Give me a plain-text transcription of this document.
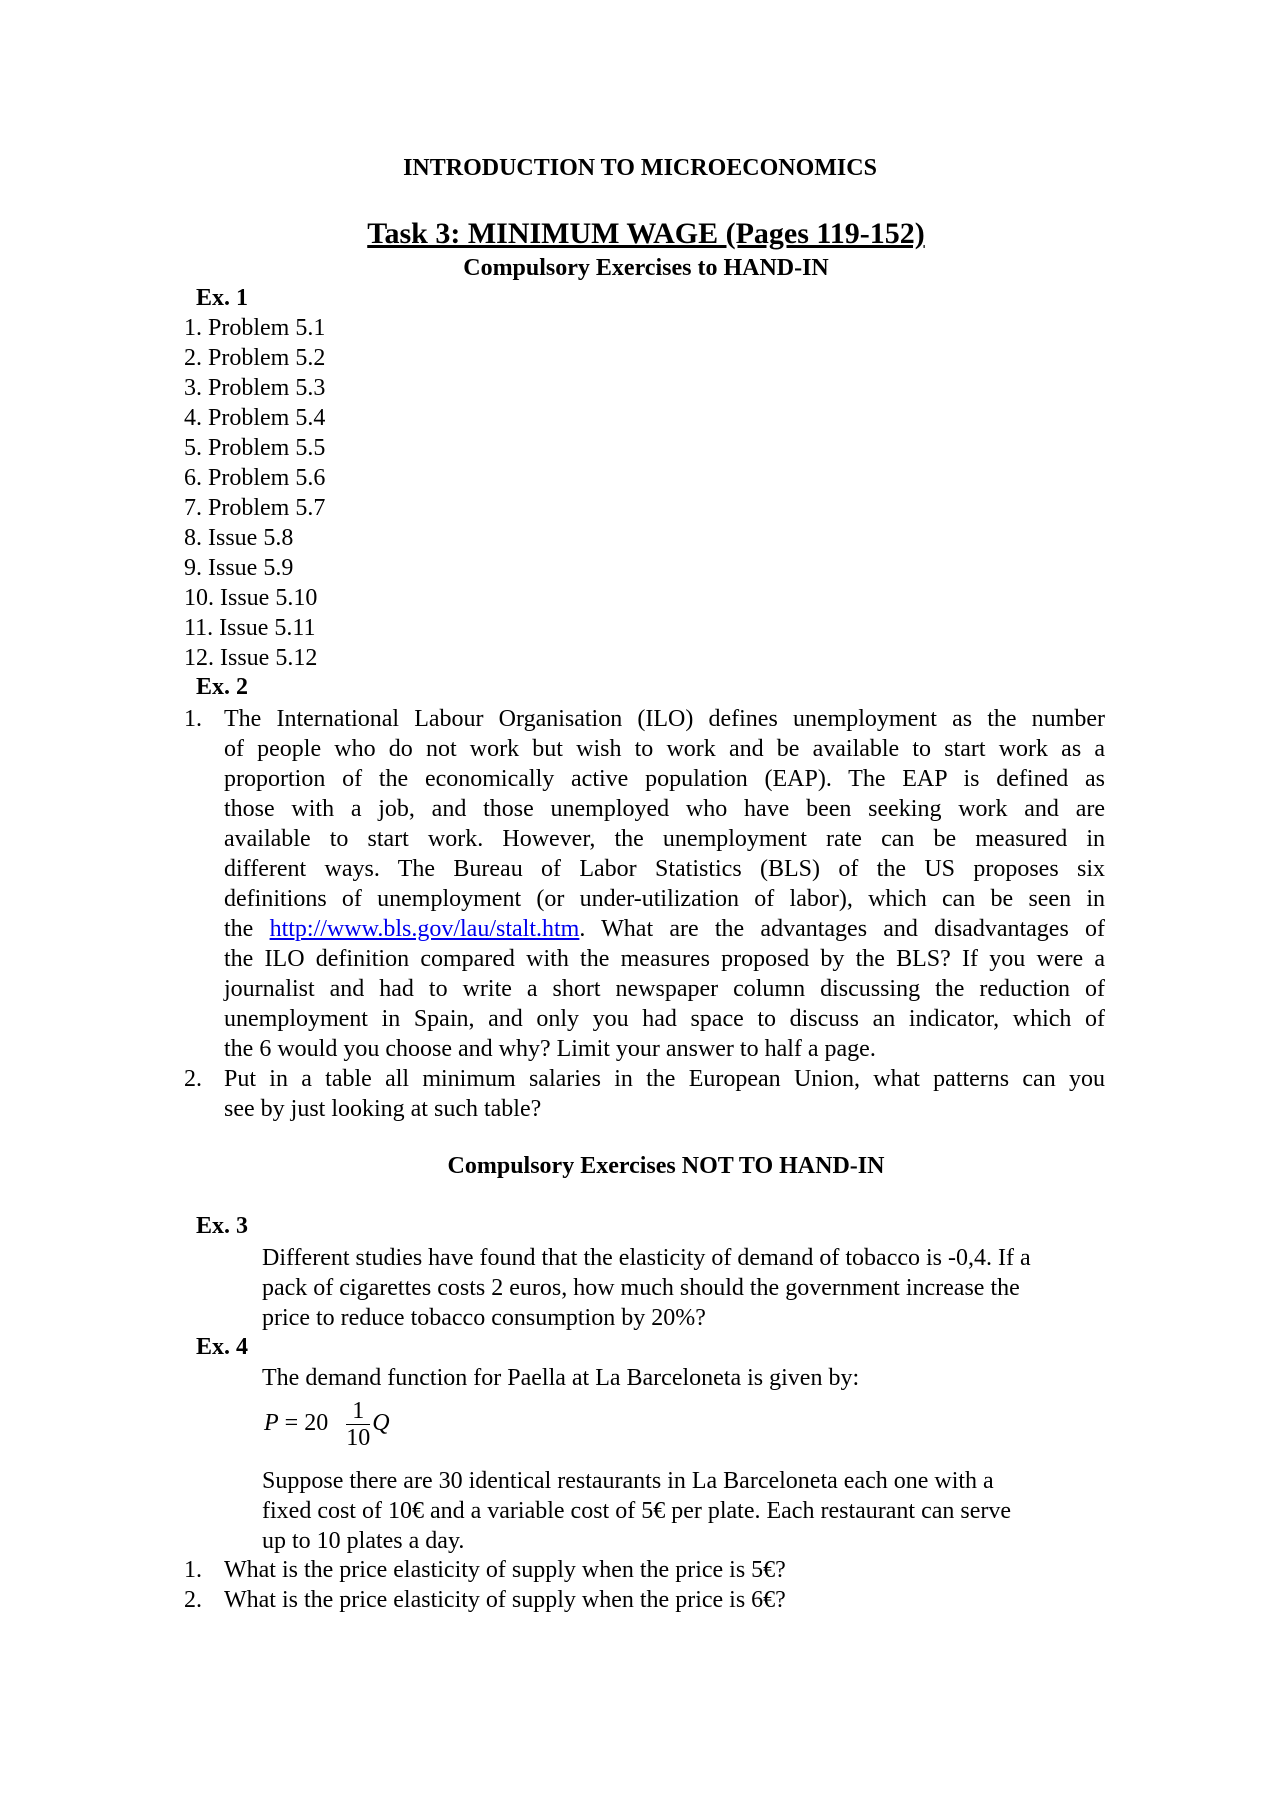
INTRODUCTION TO MICROECONOMICS
Task 3: MINIMUM WAGE (Pages 119-152)
Compulsory Exercises to HAND-IN
Ex. 1
1. Problem 5.1
2. Problem 5.2
3. Problem 5.3
4. Problem 5.4
5. Problem 5.5
6. Problem 5.6
7. Problem 5.7
8. Issue 5.8
9. Issue 5.9
10. Issue 5.10
11. Issue 5.11
12. Issue 5.12
Ex. 2
1. The International Labour Organisation (ILO) defines unemployment as the number
of people who do not work but wish to work and be available to start work as a
proportion of the economically active population (EAP). The EAP is defined as
those with a job, and those unemployed who have been seeking work and are
available to start work. However, the unemployment rate can be measured in
different ways. The Bureau of Labor Statistics (BLS) of the US proposes six
definitions of unemployment (or under-utilization of labor), which can be seen in
the http://www.bls.gov/lau/stalt.htm. What are the advantages and disadvantages of
the ILO definition compared with the measures proposed by the BLS? If you were a
journalist and had to write a short newspaper column discussing the reduction of
unemployment in Spain, and only you had space to discuss an indicator, which of
the 6 would you choose and why? Limit your answer to half a page.
2. Put in a table all minimum salaries in the European Union, what patterns can you
see by just looking at such table?
Compulsory Exercises NOT TO HAND-IN
Ex. 3
Different studies have found that the elasticity of demand of tobacco is -0,4. If a
pack of cigarettes costs 2 euros, how much should the government increase the
price to reduce tobacco consumption by 20%?
Ex. 4
The demand function for Paella at La Barceloneta is given by:
$P = 20 \frac{1}{10}$ Q
Suppose there are 30 identical restaurants in La Barceloneta each one with a
fixed cost of 10€ and a variable cost of 5€ per plate. Each restaurant can serve
up to 10 plates a day.
1. What is the price elasticity of supply when the price is 5€?
2. What is the price elasticity of supply when the price is 6€?
